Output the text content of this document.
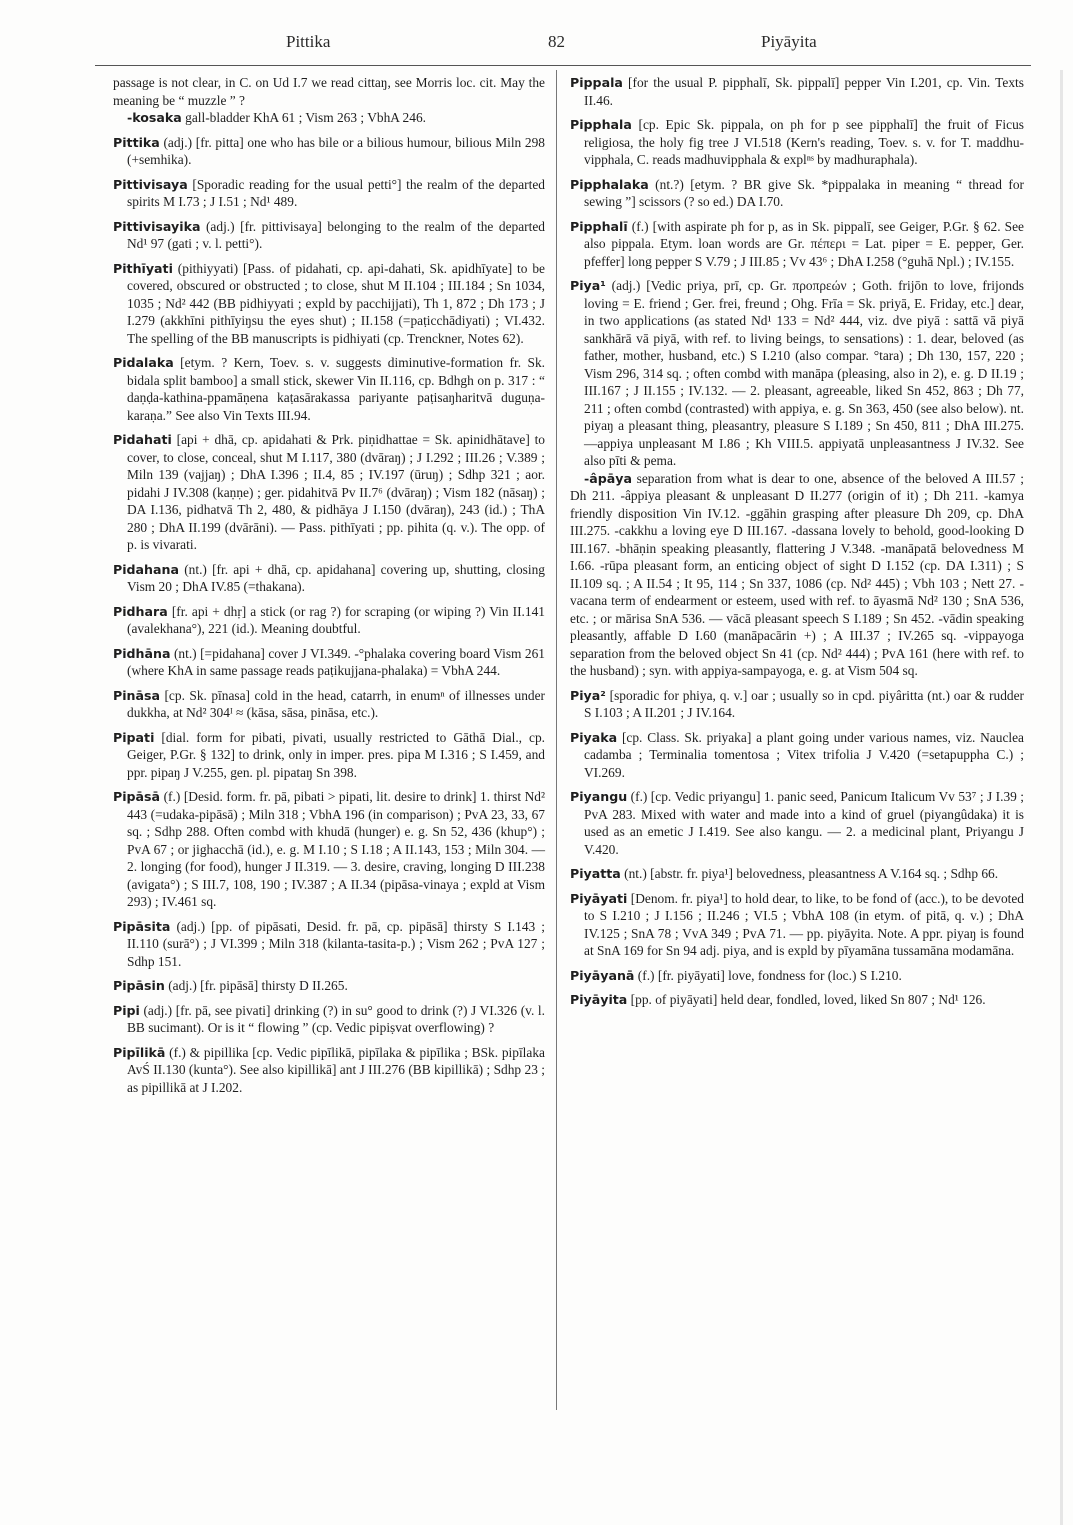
Pittika	82	Piyāyita

passage is not clear, in C. on Ud I.7 we read cittaŋ, see Morris loc. cit. May the meaning be “ muzzle ” ?

-kosaka gall-bladder KhA 61 ; Vism 263 ; VbhA 246.

Pittika (adj.) [fr. pitta] one who has bile or a bilious humour, bilious Miln 298 (+semhika).

Pittivisaya [Sporadic reading for the usual petti°] the realm of the departed spirits M I.73 ; J I.51 ; Nd¹ 489.

Pittivisayika (adj.) [fr. pittivisaya] belonging to the realm of the departed Nd¹ 97 (gati ; v. l. petti°).

Pithīyati (pithiyyati) [Pass. of pidahati, cp. api-dahati, Sk. apidhīyate] to be covered, obscured or obstructed ; to close, shut M II.104 ; III.184 ; Sn 1034, 1035 ; Nd² 442 (BB pidhiyyati ; expld by pacchijjati), Th 1, 872 ; Dh 173 ; J I.279 (akkhīni pithīyiŋsu the eyes shut) ; II.158 (=paṭicchādiyati) ; VI.432. The spelling of the BB manuscripts is pidhiyati (cp. Trenckner, Notes 62).

Pidalaka [etym. ? Kern, Toev. s. v. suggests diminutive-formation fr. Sk. bidala split bamboo] a small stick, skewer Vin II.116, cp. Bdhgh on p. 317 : “ daṇḍa-kathina-ppamāṇena kaṭasārakassa pariyante paṭisaŋharitvā duguṇa-karaṇa.” See also Vin Texts III.94.

Pidahati [api + dhā, cp. apidahati & Prk. piṇidhattae = Sk. apinidhātave] to cover, to close, conceal, shut M I.117, 380 (dvāraŋ) ; J I.292 ; III.26 ; V.389 ; Miln 139 (vajjaŋ) ; DhA I.396 ; II.4, 85 ; IV.197 (ūruŋ) ; Sdhp 321 ; aor. pidahi J IV.308 (kaṇṇe) ; ger. pidahitvā Pv II.7⁶ (dvāraŋ) ; Vism 182 (nāsaŋ) ; DA I.136, pidhatvā Th 2, 480, & pidhāya J I.150 (dvāraŋ), 243 (id.) ; ThA 280 ; DhA II.199 (dvārāni). — Pass. pithīyati ; pp. pihita (q. v.). The opp. of p. is vivarati.

Pidahana (nt.) [fr. api + dhā, cp. apidahana] covering up, shutting, closing Vism 20 ; DhA IV.85 (=thakana).

Pidhara [fr. api + dhṛ] a stick (or rag ?) for scraping (or wiping ?) Vin II.141 (avalekhana°), 221 (id.). Meaning doubtful.

Pidhāna (nt.) [=pidahana] cover J VI.349. -°phalaka covering board Vism 261 (where KhA in same passage reads paṭikujjana-phalaka) = VbhA 244.

Pināsa [cp. Sk. pīnasa] cold in the head, catarrh, in enumⁿ of illnesses under dukkha, at Nd² 304ᴵ ≈ (kāsa, sāsa, pināsa, etc.).

Pipati [dial. form for pibati, pivati, usually restricted to Gāthā Dial., cp. Geiger, P.Gr. § 132] to drink, only in imper. pres. pipa M I.316 ; S I.459, and ppr. pipaŋ J V.255, gen. pl. pipataŋ Sn 398.

Pipāsā (f.) [Desid. form. fr. pā, pibati > pipati, lit. desire to drink] 1. thirst Nd² 443 (=udaka-pipāsā) ; Miln 318 ; VbhA 196 (in comparison) ; PvA 23, 33, 67 sq. ; Sdhp 288. Often combd with khudā (hunger) e. g. Sn 52, 436 (khup°) ; PvA 67 ; or jighacchā (id.), e. g. M I.10 ; S I.18 ; A II.143, 153 ; Miln 304. — 2. longing (for food), hunger J II.319. — 3. desire, craving, longing D III.238 (avigata°) ; S III.7, 108, 190 ; IV.387 ; A II.34 (pipāsa-vinaya ; expld at Vism 293) ; IV.461 sq.

Pipāsita (adj.) [pp. of pipāsati, Desid. fr. pā, cp. pipāsā] thirsty S I.143 ; II.110 (surā°) ; J VI.399 ; Miln 318 (kilanta-tasita-p.) ; Vism 262 ; PvA 127 ; Sdhp 151.

Pipāsin (adj.) [fr. pipāsā] thirsty D II.265.

Pipi (adj.) [fr. pā, see pivati] drinking (?) in su° good to drink (?) J VI.326 (v. l. BB sucimant). Or is it “ flowing ” (cp. Vedic pipiṣvat overflowing) ?

Pipīlikā (f.) & pipillika [cp. Vedic pipīlikā, pipīlaka & pipīlika ; BSk. pipīlaka AvŚ II.130 (kunta°). See also kipillikā] ant J III.276 (BB kipillikā) ; Sdhp 23 ; as pipillikā at J I.202.

Pippala [for the usual P. pipphalī, Sk. pippalī] pepper Vin I.201, cp. Vin. Texts II.46.

Pipphala [cp. Epic Sk. pippala, on ph for p see pipphalī] the fruit of Ficus religiosa, the holy fig tree J VI.518 (Kern's reading, Toev. s. v. for T. maddhu-vipphala, C. reads madhuvipphala & explⁿˢ by madhuraphala).

Pipphalaka (nt.?) [etym. ? BR give Sk. *pippalaka in meaning “ thread for sewing ”] scissors (? so ed.) DA I.70.

Pipphalī (f.) [with aspirate ph for p, as in Sk. pippalī, see Geiger, P.Gr. § 62. See also pippala. Etym. loan words are Gr. πέπερι = Lat. piper = E. pepper, Ger. pfeffer] long pepper S V.79 ; J III.85 ; Vv 43⁶ ; DhA I.258 (°guhā Npl.) ; IV.155.

Piya¹ (adj.) [Vedic priya, prī, cp. Gr. προπρεών ; Goth. frijōn to love, frijonds loving = E. friend ; Ger. frei, freund ; Ohg. Frīa = Sk. priyā, E. Friday, etc.] dear, in two applications (as stated Nd¹ 133 = Nd² 444, viz. dve piyā : sattā vā piyā sankhārā vā piyā, with ref. to living beings, to sensations) : 1. dear, beloved (as father, mother, husband, etc.) S I.210 (also compar. °tara) ; Dh 130, 157, 220 ; Vism 296, 314 sq. ; often combd with manāpa (pleasing, also in 2), e. g. D II.19 ; III.167 ; J II.155 ; IV.132. — 2. pleasant, agreeable, liked Sn 452, 863 ; Dh 77, 211 ; often combd (contrasted) with appiya, e. g. Sn 363, 450 (see also below). nt. piyaŋ a pleasant thing, pleasantry, pleasure S I.189 ; Sn 450, 811 ; DhA III.275. —appiya unpleasant M I.86 ; Kh VIII.5. appiyatā unpleasantness J IV.32. See also pīti & pema.

-âpāya separation from what is dear to one, absence of the beloved A III.57 ; Dh 211. -âppiya pleasant & unpleasant D II.277 (origin of it) ; Dh 211. -kamya friendly disposition Vin IV.12. -ggāhin grasping after pleasure Dh 209, cp. DhA III.275. -cakkhu a loving eye D III.167. -dassana lovely to behold, good-looking D III.167. -bhāṇin speaking pleasantly, flattering J V.348. -manāpatā belovedness M I.66. -rūpa pleasant form, an enticing object of sight D I.152 (cp. DA I.311) ; S II.109 sq. ; A II.54 ; It 95, 114 ; Sn 337, 1086 (cp. Nd² 445) ; Vbh 103 ; Nett 27. -vacana term of endearment or esteem, used with ref. to āyasmā Nd² 130 ; SnA 536, etc. ; or mārisa SnA 536. — vācā pleasant speech S I.189 ; Sn 452. -vādin speaking pleasantly, affable D I.60 (manāpacārin +) ; A III.37 ; IV.265 sq. -vippayoga separation from the beloved object Sn 41 (cp. Nd² 444) ; PvA 161 (here with ref. to the husband) ; syn. with appiya-sampayoga, e. g. at Vism 504 sq.

Piya² [sporadic for phiya, q. v.] oar ; usually so in cpd. piyâritta (nt.) oar & rudder S I.103 ; A II.201 ; J IV.164.

Piyaka [cp. Class. Sk. priyaka] a plant going under various names, viz. Nauclea cadamba ; Terminalia tomentosa ; Vitex trifolia J V.420 (=setapuppha C.) ; VI.269.

Piyangu (f.) [cp. Vedic priyangu] 1. panic seed, Panicum Italicum Vv 53⁷ ; J I.39 ; PvA 283. Mixed with water and made into a kind of gruel (piyangûdaka) it is used as an emetic J I.419. See also kangu. — 2. a medicinal plant, Priyangu J V.420.

Piyatta (nt.) [abstr. fr. piya¹] belovedness, pleasantness A V.164 sq. ; Sdhp 66.

Piyāyati [Denom. fr. piya¹] to hold dear, to like, to be fond of (acc.), to be devoted to S I.210 ; J I.156 ; II.246 ; VI.5 ; VbhA 108 (in etym. of pitā, q. v.) ; DhA IV.125 ; SnA 78 ; VvA 349 ; PvA 71. — pp. piyāyita. Note. A ppr. piyaŋ is found at SnA 169 for Sn 94 adj. piya, and is expld by pīyamāna tussamāna modamāna.

Piyāyanā (f.) [fr. piyāyati] love, fondness for (loc.) S I.210.

Piyāyita [pp. of piyāyati] held dear, fondled, loved, liked Sn 807 ; Nd¹ 126.
